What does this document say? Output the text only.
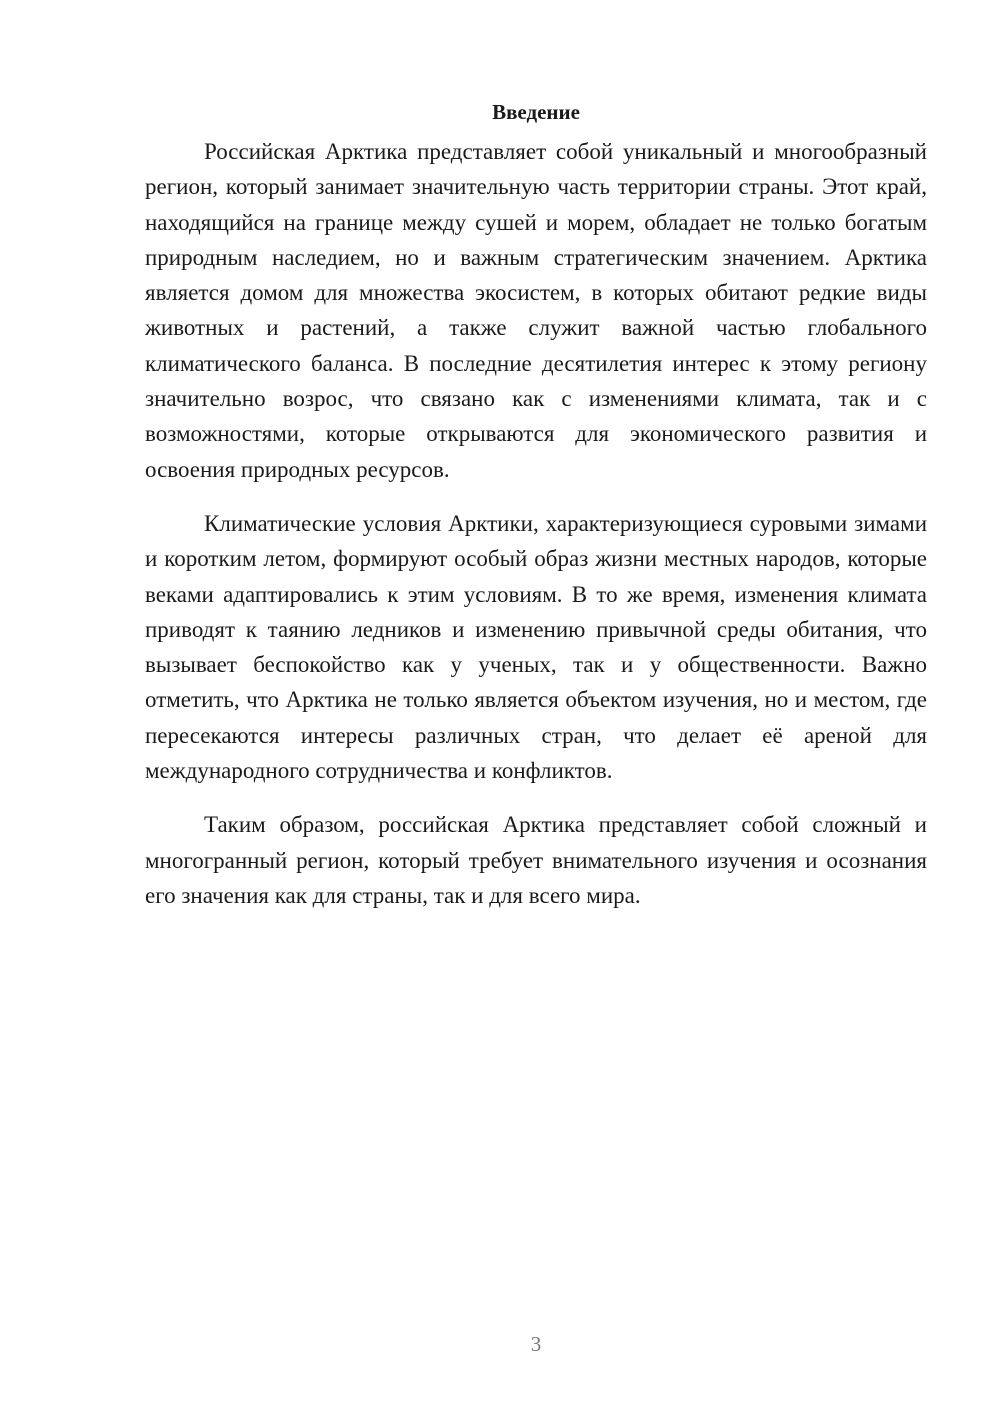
Введение

Российская Арктика представляет собой уникальный и многообразный регион, который занимает значительную часть территории страны. Этот край, находящийся на границе между сушей и морем, обладает не только богатым природным наследием, но и важным стратегическим значением. Арктика является домом для множества экосистем, в которых обитают редкие виды животных и растений, а также служит важной частью глобального климатического баланса. В последние десятилетия интерес к этому региону значительно возрос, что связано как с изменениями климата, так и с возможностями, которые открываются для экономического развития и освоения природных ресурсов.

Климатические условия Арктики, характеризующиеся суровыми зимами и коротким летом, формируют особый образ жизни местных народов, которые веками адаптировались к этим условиям. В то же время, изменения климата приводят к таянию ледников и изменению привычной среды обитания, что вызывает беспокойство как у ученых, так и у общественности. Важно отметить, что Арктика не только является объектом изучения, но и местом, где пересекаются интересы различных стран, что делает её ареной для международного сотрудничества и конфликтов.

Таким образом, российская Арктика представляет собой сложный и многогранный регион, который требует внимательного изучения и осознания его значения как для страны, так и для всего мира.

3
